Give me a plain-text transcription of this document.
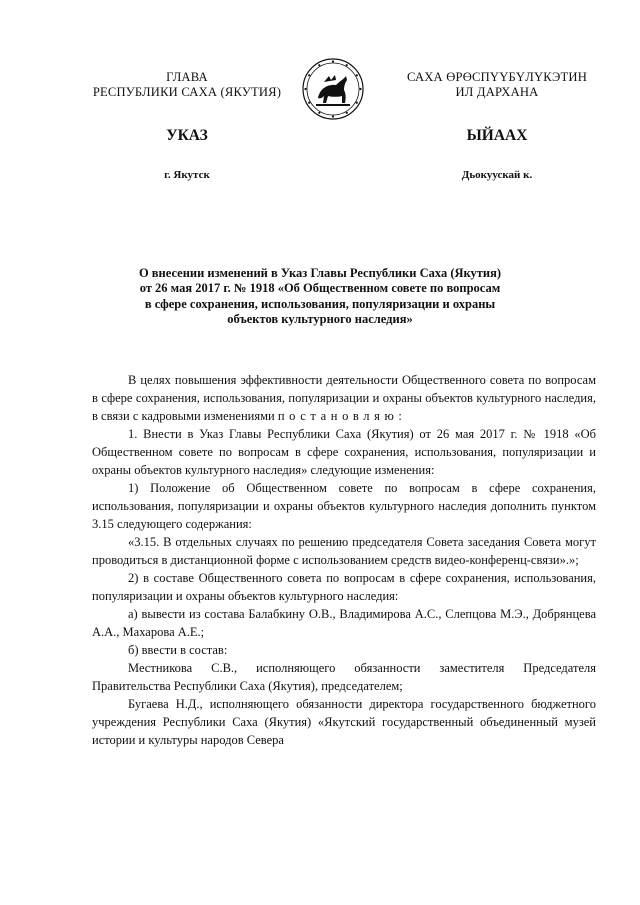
ГЛАВА
РЕСПУБЛИКИ САХА (ЯКУТИЯ)
САХА ӨРӨСПҮҮБҮЛҮКЭТИН
ИЛ ДАРХАНА
УКАЗ	ЫЙААХ
г. Якутск	Дьокуускай к.
О внесении изменений в Указ Главы Республики Саха (Якутия)
от 26 мая 2017 г. № 1918 «Об Общественном совете по вопросам
в сфере сохранения, использования, популяризации и охраны
объектов культурного наследия»

В целях повышения эффективности деятельности Общественного совета по вопросам в сфере сохранения, использования, популяризации и охраны объектов культурного наследия, в связи с кадровыми изменениями постановляю:

1. Внести в Указ Главы Республики Саха (Якутия) от 26 мая 2017 г. № 1918 «Об Общественном совете по вопросам в сфере сохранения, использования, популяризации и охраны объектов культурного наследия» следующие изменения:

1) Положение об Общественном совете по вопросам в сфере сохранения, использования, популяризации и охраны объектов культурного наследия дополнить пунктом 3.15 следующего содержания:

«3.15. В отдельных случаях по решению председателя Совета заседания Совета могут проводиться в дистанционной форме с использованием средств видео-конференц-связи».»;

2) в составе Общественного совета по вопросам в сфере сохранения, использования, популяризации и охраны объектов культурного наследия:

а) вывести из состава Балабкину О.В., Владимирова А.С., Слепцова М.Э., Добрянцева А.А., Махарова А.Е.;

б) ввести в состав:

Местникова С.В., исполняющего обязанности заместителя Председателя Правительства Республики Саха (Якутия), председателем;

Бугаева Н.Д., исполняющего обязанности директора государственного бюджетного учреждения Республики Саха (Якутия) «Якутский государственный объединенный музей истории и культуры народов Севера
